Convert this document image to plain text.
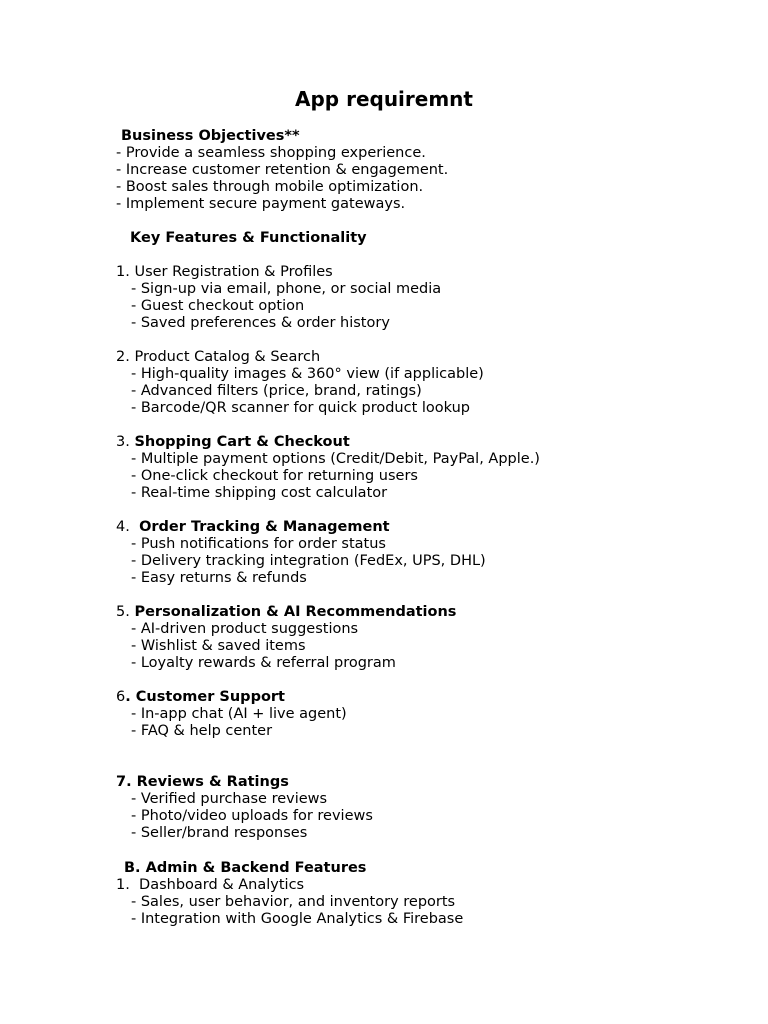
App requiremnt
Business Objectives**
- Provide a seamless shopping experience.
- Increase customer retention & engagement.
- Boost sales through mobile optimization.
- Implement secure payment gateways.
Key Features & Functionality
1. User Registration & Profiles
- Sign-up via email, phone, or social media
- Guest checkout option
- Saved preferences & order history
2. Product Catalog & Search
- High-quality images & 360° view (if applicable)
- Advanced filters (price, brand, ratings)
- Barcode/QR scanner for quick product lookup
3. Shopping Cart & Checkout
- Multiple payment options (Credit/Debit, PayPal, Apple.)
- One-click checkout for returning users
- Real-time shipping cost calculator
4.  Order Tracking & Management
- Push notifications for order status
- Delivery tracking integration (FedEx, UPS, DHL)
- Easy returns & refunds
5. Personalization & AI Recommendations
- AI-driven product suggestions
- Wishlist & saved items
- Loyalty rewards & referral program
6. Customer Support
- In-app chat (AI + live agent)
- FAQ & help center
7. Reviews & Ratings
- Verified purchase reviews
- Photo/video uploads for reviews
- Seller/brand responses
B. Admin & Backend Features
1.  Dashboard & Analytics
- Sales, user behavior, and inventory reports
- Integration with Google Analytics & Firebase
